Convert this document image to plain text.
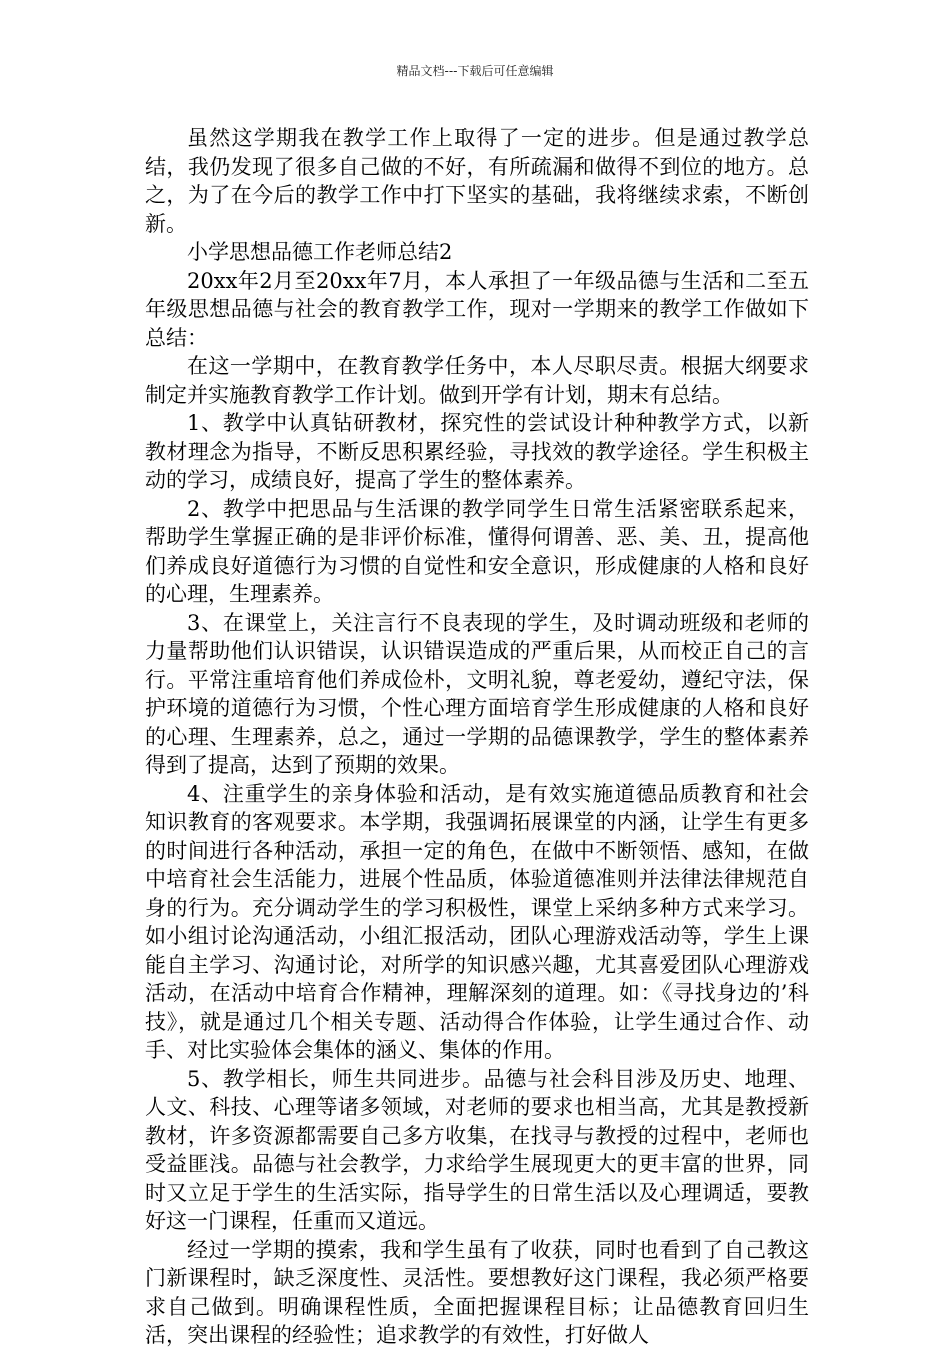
精品文档---下载后可任意编辑

虽然这学期我在教学工作上取得了一定的进步。但是通过教学总结，我仍发现了很多自己做的不好，有所疏漏和做得不到位的地方。总之，为了在今后的教学工作中打下坚实的基础，我将继续求索，不断创新。

小学思想品德工作老师总结2

20xx年2月至20xx年7月，本人承担了一年级品德与生活和二至五年级思想品德与社会的教育教学工作，现对一学期来的教学工作做如下总结：

在这一学期中，在教育教学任务中，本人尽职尽责。根据大纲要求制定并实施教育教学工作计划。做到开学有计划，期末有总结。

1、教学中认真钻研教材，探究性的尝试设计种种教学方式，以新教材理念为指导，不断反思积累经验，寻找效的教学途径。学生积极主动的学习，成绩良好，提高了学生的整体素养。

2、教学中把思品与生活课的教学同学生日常生活紧密联系起来，帮助学生掌握正确的是非评价标准，懂得何谓善、恶、美、丑，提高他们养成良好道德行为习惯的自觉性和安全意识，形成健康的人格和良好的心理，生理素养。

3、在课堂上，关注言行不良表现的学生，及时调动班级和老师的力量帮助他们认识错误，认识错误造成的严重后果，从而校正自己的言行。平常注重培育他们养成俭朴，文明礼貌，尊老爱幼，遵纪守法，保护环境的道德行为习惯，个性心理方面培育学生形成健康的人格和良好的心理、生理素养，总之，通过一学期的品德课教学，学生的整体素养得到了提高，达到了预期的效果。

4、注重学生的亲身体验和活动，是有效实施道德品质教育和社会知识教育的客观要求。本学期，我强调拓展课堂的内涵，让学生有更多的时间进行各种活动，承担一定的角色，在做中不断领悟、感知，在做中培育社会生活能力，进展个性品质，体验道德准则并法律法律规范自身的行为。充分调动学生的学习积极性，课堂上采纳多种方式来学习。如小组讨论沟通活动，小组汇报活动，团队心理游戏活动等，学生上课能自主学习、沟通讨论，对所学的知识感兴趣，尤其喜爱团队心理游戏活动，在活动中培育合作精神，理解深刻的道理。如：《寻找身边的’科技》，就是通过几个相关专题、活动得合作体验，让学生通过合作、动手、对比实验体会集体的涵义、集体的作用。

5、教学相长，师生共同进步。品德与社会科目涉及历史、地理、人文、科技、心理等诸多领域，对老师的要求也相当高，尤其是教授新教材，许多资源都需要自己多方收集，在找寻与教授的过程中，老师也受益匪浅。品德与社会教学，力求给学生展现更大的更丰富的世界，同时又立足于学生的生活实际，指导学生的日常生活以及心理调适，要教好这一门课程，任重而又道远。

经过一学期的摸索，我和学生虽有了收获，同时也看到了自己教这门新课程时，缺乏深度性、灵活性。要想教好这门课程，我必须严格要求自己做到。明确课程性质，全面把握课程目标；让品德教育回归生活，突出课程的经验性；追求教学的有效性，打好做人
